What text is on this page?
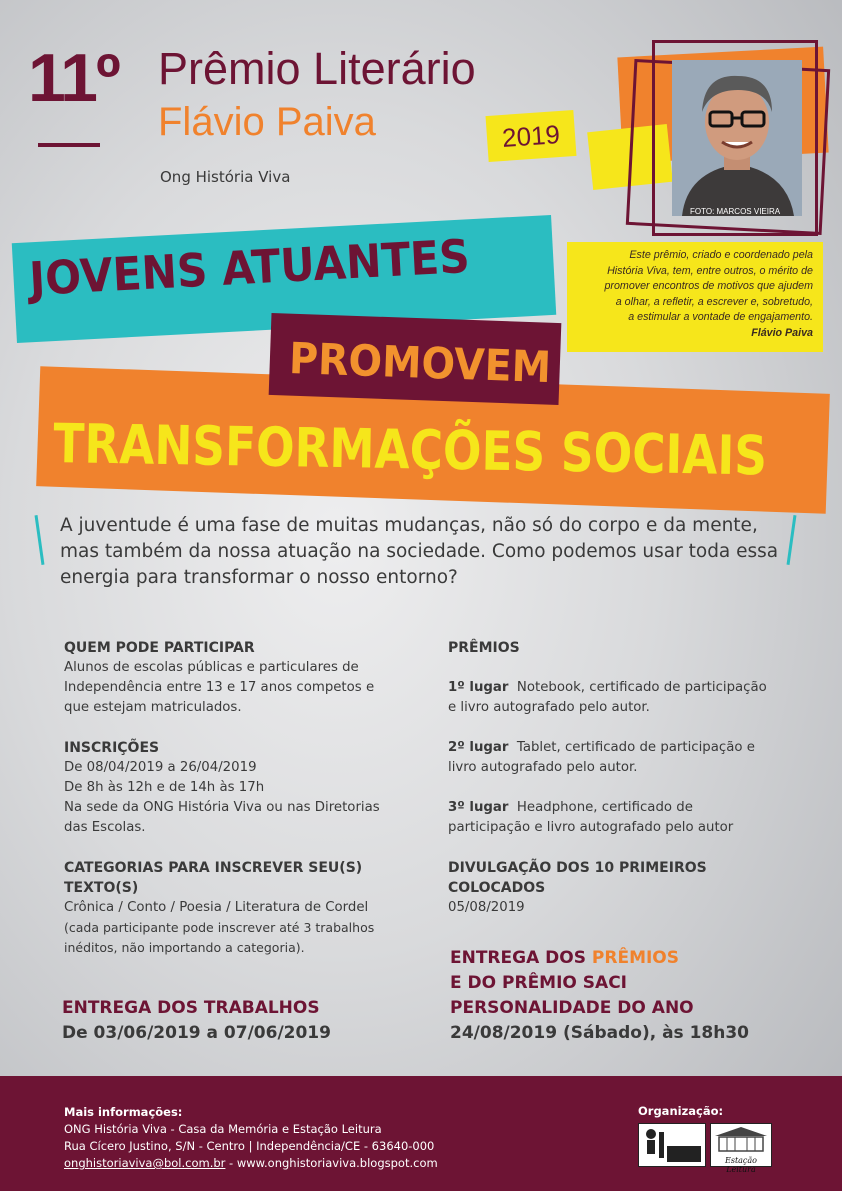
11º Prêmio Literário
Flávio Paiva	2019
Ong História Viva
FOTO: MARCOS VIEIRA
Este prêmio, criado e coordenado pela
História Viva, tem, entre outros, o mérito de
promover encontros de motivos que ajudem
a olhar, a refletir, a escrever e, sobretudo,
a estimular a vontade de engajamento.
Flávio Paiva
JOVENS ATUANTES
PROMOVEM
TRANSFORMAÇÕES SOCIAIS
A juventude é uma fase de muitas mudanças, não só do corpo e da mente,
mas também da nossa atuação na sociedade. Como podemos usar toda essa
energia para transformar o nosso entorno?
QUEM PODE PARTICIPAR

Alunos de escolas públicas e particulares de

Independência entre 13 e 17 anos competos e

que estejam matriculados.

INSCRIÇÕES

De 08/04/2019 a 26/04/2019

De 8h às 12h e de 14h às 17h

Na sede da ONG História Viva ou nas Diretorias

das Escolas.

CATEGORIAS PARA INSCREVER SEU(S)
TEXTO(S)

Crônica / Conto / Poesia / Literatura de Cordel

(cada participante pode inscrever até 3 trabalhos

inéditos, não importando a categoria).

ENTREGA DOS TRABALHOS
De 03/06/2019 a 07/06/2019
PRÊMIOS

1º lugar Notebook, certificado de participação

e livro autografado pelo autor.

2º lugar Tablet, certificado de participação e

livro autografado pelo autor.

3º lugar Headphone, certificado de

participação e livro autografado pelo autor

DIVULGAÇÃO DOS 10 PRIMEIROS
COLOCADOS

05/08/2019

ENTREGA DOS PRÊMIOS
E DO PRÊMIO SACI
PERSONALIDADE DO ANO
24/08/2019 (Sábado), às 18h30
Mais informações:
ONG História Viva - Casa da Memória e Estação Leitura
Rua Cícero Justino, S/N - Centro | Independência/CE - 63640-000
onghistoriaviva@bol.com.br - www.onghistoriaviva.blogspot.com
Organização:
Estação Leitura
